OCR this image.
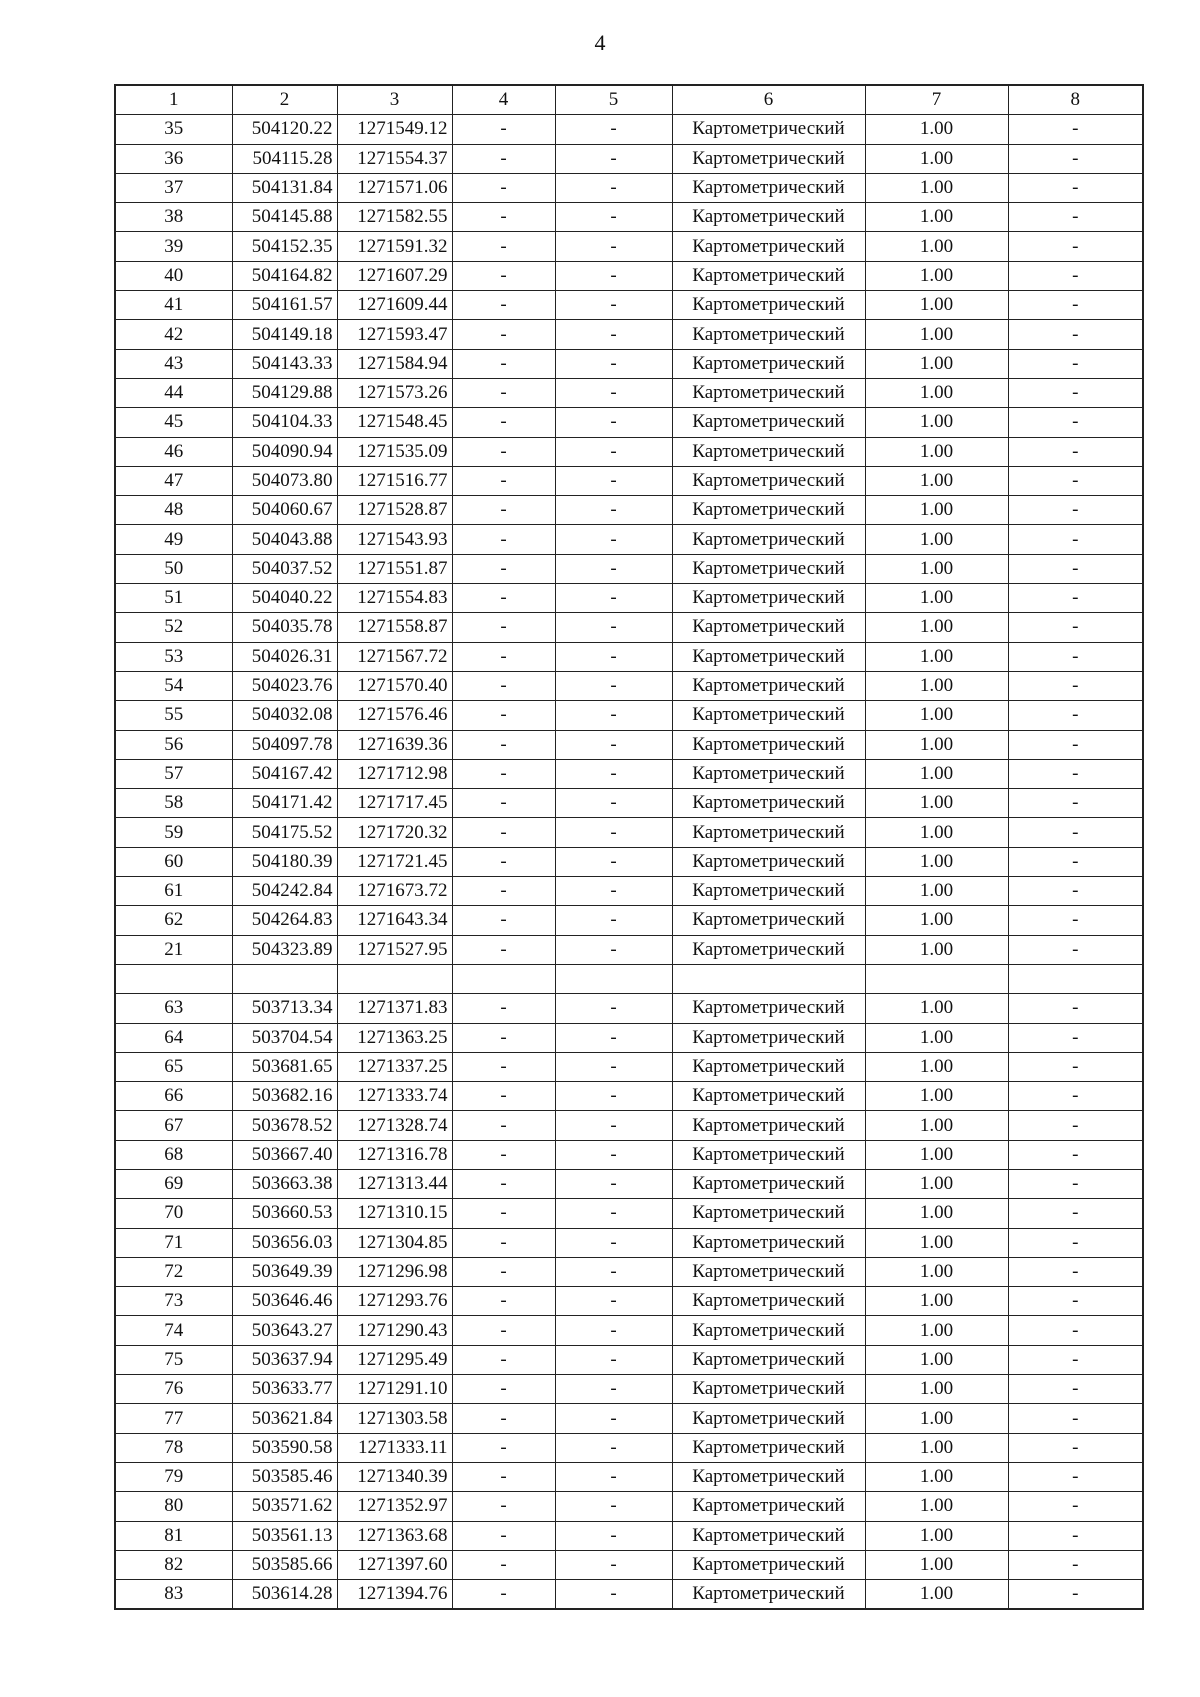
4
1	2	3	4	5	6	7	8
35	504120.22	1271549.12	-	-	Картометрический	1.00	-
36	504115.28	1271554.37	-	-	Картометрический	1.00	-
37	504131.84	1271571.06	-	-	Картометрический	1.00	-
38	504145.88	1271582.55	-	-	Картометрический	1.00	-
39	504152.35	1271591.32	-	-	Картометрический	1.00	-
40	504164.82	1271607.29	-	-	Картометрический	1.00	-
41	504161.57	1271609.44	-	-	Картометрический	1.00	-
42	504149.18	1271593.47	-	-	Картометрический	1.00	-
43	504143.33	1271584.94	-	-	Картометрический	1.00	-
44	504129.88	1271573.26	-	-	Картометрический	1.00	-
45	504104.33	1271548.45	-	-	Картометрический	1.00	-
46	504090.94	1271535.09	-	-	Картометрический	1.00	-
47	504073.80	1271516.77	-	-	Картометрический	1.00	-
48	504060.67	1271528.87	-	-	Картометрический	1.00	-
49	504043.88	1271543.93	-	-	Картометрический	1.00	-
50	504037.52	1271551.87	-	-	Картометрический	1.00	-
51	504040.22	1271554.83	-	-	Картометрический	1.00	-
52	504035.78	1271558.87	-	-	Картометрический	1.00	-
53	504026.31	1271567.72	-	-	Картометрический	1.00	-
54	504023.76	1271570.40	-	-	Картометрический	1.00	-
55	504032.08	1271576.46	-	-	Картометрический	1.00	-
56	504097.78	1271639.36	-	-	Картометрический	1.00	-
57	504167.42	1271712.98	-	-	Картометрический	1.00	-
58	504171.42	1271717.45	-	-	Картометрический	1.00	-
59	504175.52	1271720.32	-	-	Картометрический	1.00	-
60	504180.39	1271721.45	-	-	Картометрический	1.00	-
61	504242.84	1271673.72	-	-	Картометрический	1.00	-
62	504264.83	1271643.34	-	-	Картометрический	1.00	-
21	504323.89	1271527.95	-	-	Картометрический	1.00	-

63	503713.34	1271371.83	-	-	Картометрический	1.00	-
64	503704.54	1271363.25	-	-	Картометрический	1.00	-
65	503681.65	1271337.25	-	-	Картометрический	1.00	-
66	503682.16	1271333.74	-	-	Картометрический	1.00	-
67	503678.52	1271328.74	-	-	Картометрический	1.00	-
68	503667.40	1271316.78	-	-	Картометрический	1.00	-
69	503663.38	1271313.44	-	-	Картометрический	1.00	-
70	503660.53	1271310.15	-	-	Картометрический	1.00	-
71	503656.03	1271304.85	-	-	Картометрический	1.00	-
72	503649.39	1271296.98	-	-	Картометрический	1.00	-
73	503646.46	1271293.76	-	-	Картометрический	1.00	-
74	503643.27	1271290.43	-	-	Картометрический	1.00	-
75	503637.94	1271295.49	-	-	Картометрический	1.00	-
76	503633.77	1271291.10	-	-	Картометрический	1.00	-
77	503621.84	1271303.58	-	-	Картометрический	1.00	-
78	503590.58	1271333.11	-	-	Картометрический	1.00	-
79	503585.46	1271340.39	-	-	Картометрический	1.00	-
80	503571.62	1271352.97	-	-	Картометрический	1.00	-
81	503561.13	1271363.68	-	-	Картометрический	1.00	-
82	503585.66	1271397.60	-	-	Картометрический	1.00	-
83	503614.28	1271394.76	-	-	Картометрический	1.00	-
